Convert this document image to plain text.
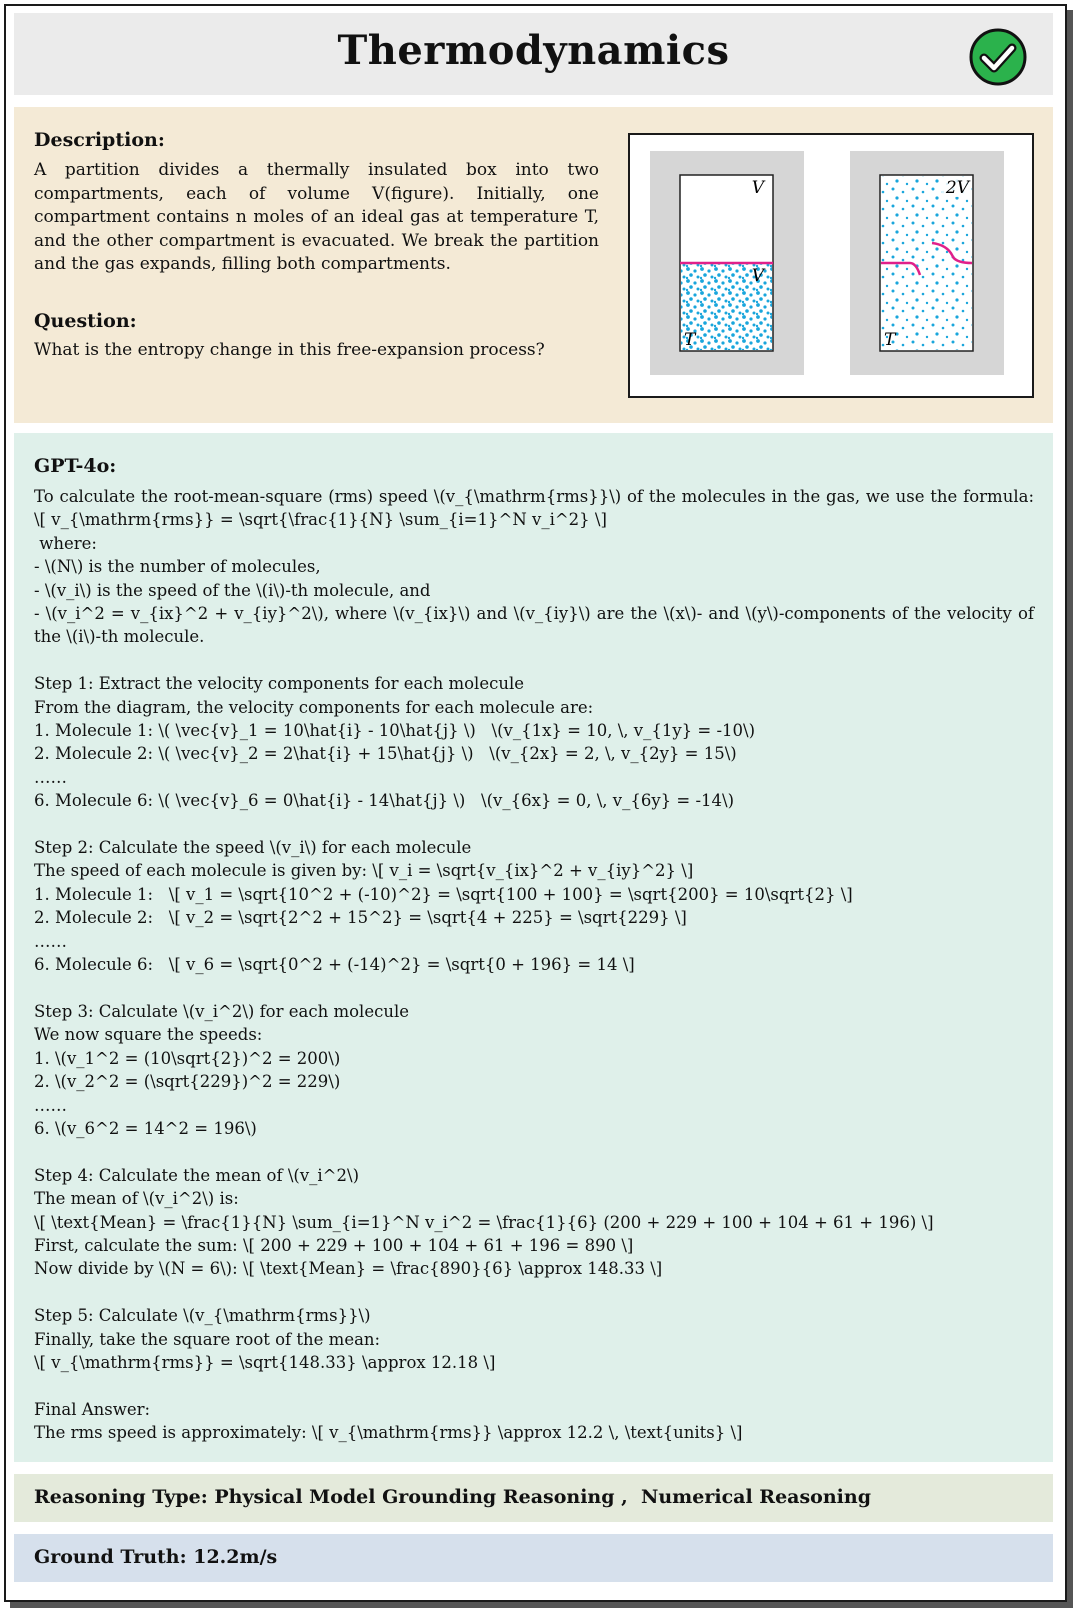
Thermodynamics
Description:
A partition divides a thermally insulated box into two compartments, each of volume V(figure). Initially, one compartment contains n moles of an ideal gas at temperature T, and the other compartment is evacuated. We break the partition and the gas expands, filling both compartments.
Question:
What is the entropy change in this free-expansion process?
V
V
T
2V
T
GPT-4o:
To calculate the root-mean-square (rms) speed \(v_{\mathrm{rms}}\) of the molecules in the gas, we use the formula: \[ v_{\mathrm{rms}} = \sqrt{\frac{1}{N} \sum_{i=1}^N v_i^2} \]
where:
- \(N\) is the number of molecules,
- \(v_i\) is the speed of the \(i\)-th molecule, and
- \(v_i^2 = v_{ix}^2 + v_{iy}^2\), where \(v_{ix}\) and \(v_{iy}\) are the \(x\)- and \(y\)-components of the velocity of the \(i\)-th molecule.
Step 1: Extract the velocity components for each molecule
From the diagram, the velocity components for each molecule are:
1. Molecule 1: \( \vec{v}_1 = 10\hat{i} - 10\hat{j} \)   \(v_{1x} = 10, \, v_{1y} = -10\)
2. Molecule 2: \( \vec{v}_2 = 2\hat{i} + 15\hat{j} \)   \(v_{2x} = 2, \, v_{2y} = 15\)
……
6. Molecule 6: \( \vec{v}_6 = 0\hat{i} - 14\hat{j} \)   \(v_{6x} = 0, \, v_{6y} = -14\)
Step 2: Calculate the speed \(v_i\) for each molecule
The speed of each molecule is given by: \[ v_i = \sqrt{v_{ix}^2 + v_{iy}^2} \]
1. Molecule 1:   \[ v_1 = \sqrt{10^2 + (-10)^2} = \sqrt{100 + 100} = \sqrt{200} = 10\sqrt{2} \]
2. Molecule 2:   \[ v_2 = \sqrt{2^2 + 15^2} = \sqrt{4 + 225} = \sqrt{229} \]
……
6. Molecule 6:   \[ v_6 = \sqrt{0^2 + (-14)^2} = \sqrt{0 + 196} = 14 \]
Step 3: Calculate \(v_i^2\) for each molecule
We now square the speeds:
1. \(v_1^2 = (10\sqrt{2})^2 = 200\)
2. \(v_2^2 = (\sqrt{229})^2 = 229\)
……
6. \(v_6^2 = 14^2 = 196\)
Step 4: Calculate the mean of \(v_i^2\)
The mean of \(v_i^2\) is:
\[ \text{Mean} = \frac{1}{N} \sum_{i=1}^N v_i^2 = \frac{1}{6} (200 + 229 + 100 + 104 + 61 + 196) \]
First, calculate the sum: \[ 200 + 229 + 100 + 104 + 61 + 196 = 890 \]
Now divide by \(N = 6\): \[ \text{Mean} = \frac{890}{6} \approx 148.33 \]
Step 5: Calculate \(v_{\mathrm{rms}}\)
Finally, take the square root of the mean:
\[ v_{\mathrm{rms}} = \sqrt{148.33} \approx 12.18 \]
Final Answer:
The rms speed is approximately: \[ v_{\mathrm{rms}} \approx 12.2 \, \text{units} \]
Reasoning Type: Physical Model Grounding Reasoning ,  Numerical Reasoning
Ground Truth: 12.2m/s
